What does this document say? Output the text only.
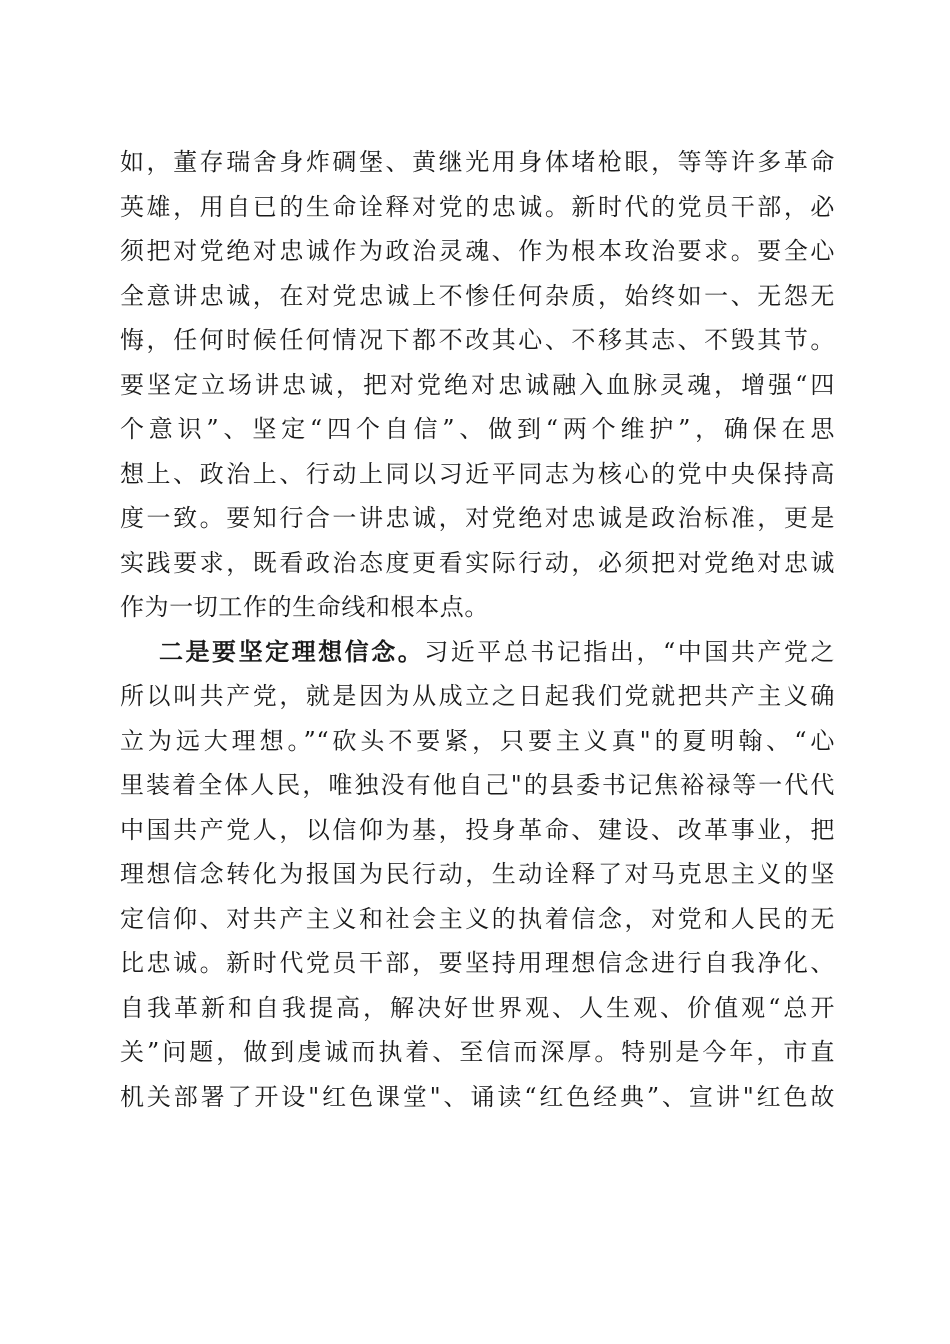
如，董存瑞舍身炸碉堡、黄继光用身体堵枪眼，等等许多革命
英雄，用自已的生命诠释对党的忠诚。新时代的党员干部，必
须把对党绝对忠诚作为政治灵魂、作为根本玫治要求。要全心
全意讲忠诚，在对党忠诚上不惨任何杂质，始终如一、无怨无
悔，任何时候任何情况下都不改其心、不移其志、不毁其节。
要坚定立场讲忠诚，把对党绝对忠诚融入血脉灵魂，增强“四
个意识”、坚定“四个自信”、做到“两个维护”，确保在思
想上、政治上、行动上同以习近平同志为核心的党中央保持高
度一致。要知行合一讲忠诚，对党绝对忠诚是政治标准，更是
实践要求，既看政治态度更看实际行动，必须把对党绝对忠诚
作为一切工作的生命线和根本点。
二是要坚定理想信念。习近平总书记指出，“中国共产党之
所以叫共产党，就是因为从成立之日起我们党就把共产主义确
立为远大理想。”“砍头不要紧，只要主义真"的夏明翰、“心
里装着全体人民，唯独没有他自己"的县委书记焦裕禄等一代代
中国共产党人，以信仰为基，投身革命、建设、改革事业，把
理想信念转化为报国为民行动，生动诠释了对马克思主义的坚
定信仰、对共产主义和社会主义的执着信念，对党和人民的无
比忠诚。新时代党员干部，要坚持用理想信念进行自我净化、
自我革新和自我提高，解决好世界观、人生观、价值观“总开
关”问题，做到虔诚而执着、至信而深厚。特别是今年，市直
机关部署了开设"红色课堂"、诵读“红色经典”、宣讲"红色故
